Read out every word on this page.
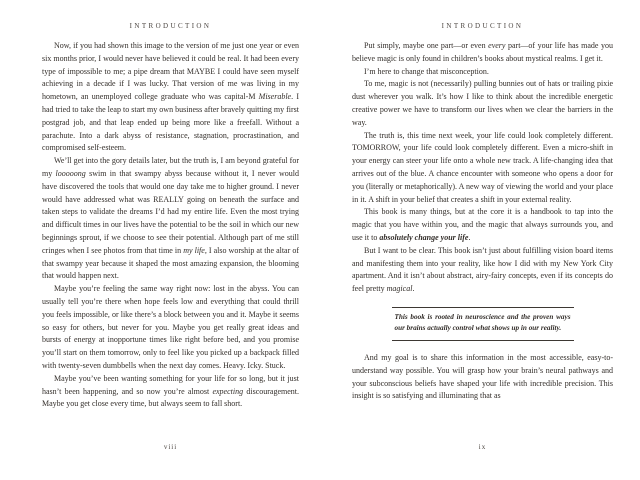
INTRODUCTION

Now, if you had shown this image to the version of me just one year or even six months prior, I would never have believed it could be real. It had been every type of impossible to me; a pipe dream that MAYBE I could have seen myself achieving in a decade if I was lucky. That version of me was living in my hometown, an unemployed college graduate who was capital-M Miserable. I had tried to take the leap to start my own business after bravely quitting my first postgrad job, and that leap ended up being more like a freefall. Without a parachute. Into a dark abyss of resistance, stagnation, procrastination, and compromised self-esteem.

We’ll get into the gory details later, but the truth is, I am beyond grateful for my looooong swim in that swampy abyss because without it, I never would have discovered the tools that would one day take me to higher ground. I never would have addressed what was REALLY going on beneath the surface and taken steps to validate the dreams I’d had my entire life. Even the most trying and difficult times in our lives have the potential to be the soil in which our new beginnings sprout, if we choose to see their potential. Although part of me still cringes when I see photos from that time in my life, I also worship at the altar of that swampy year because it shaped the most amazing expansion, the blooming that would happen next.

Maybe you’re feeling the same way right now: lost in the abyss. You can usually tell you’re there when hope feels low and everything that could thrill you feels impossible, or like there’s a block between you and it. Maybe it seems so easy for others, but never for you. Maybe you get really great ideas and bursts of energy at inopportune times like right before bed, and you promise you’ll start on them tomorrow, only to feel like you picked up a backpack filled with twenty-seven dumbbells when the next day comes. Heavy. Icky. Stuck.

Maybe you’ve been wanting something for your life for so long, but it just hasn’t been happening, and so now you’re almost expecting discouragement. Maybe you get close every time, but always seem to fall short.

viii
INTRODUCTION

Put simply, maybe one part—or even every part—of your life has made you believe magic is only found in children’s books about mystical realms. I get it.

I’m here to change that misconception.

To me, magic is not (necessarily) pulling bunnies out of hats or trailing pixie dust wherever you walk. It’s how I like to think about the incredible energetic creative power we have to transform our lives when we clear the barriers in the way.

The truth is, this time next week, your life could look completely different. TOMORROW, your life could look completely different. Even a micro-shift in your energy can steer your life onto a whole new track. A life-changing idea that arrives out of the blue. A chance encounter with someone who opens a door for you (literally or metaphorically). A new way of viewing the world and your place in it. A shift in your belief that creates a shift in your external reality.

This book is many things, but at the core it is a handbook to tap into the magic that you have within you, and the magic that always surrounds you, and use it to absolutely change your life.

But I want to be clear. This book isn’t just about fulfilling vision board items and manifesting them into your reality, like how I did with my New York City apartment. And it isn’t about abstract, airy-fairy concepts, even if its concepts do feel pretty magical.

This book is rooted in neuroscience and the proven ways our brains actually control what shows up in our reality.

And my goal is to share this information in the most accessible, easy-to-understand way possible. You will grasp how your brain’s neural pathways and your subconscious beliefs have shaped your life with incredible precision. This insight is so satisfying and illuminating that as

ix
